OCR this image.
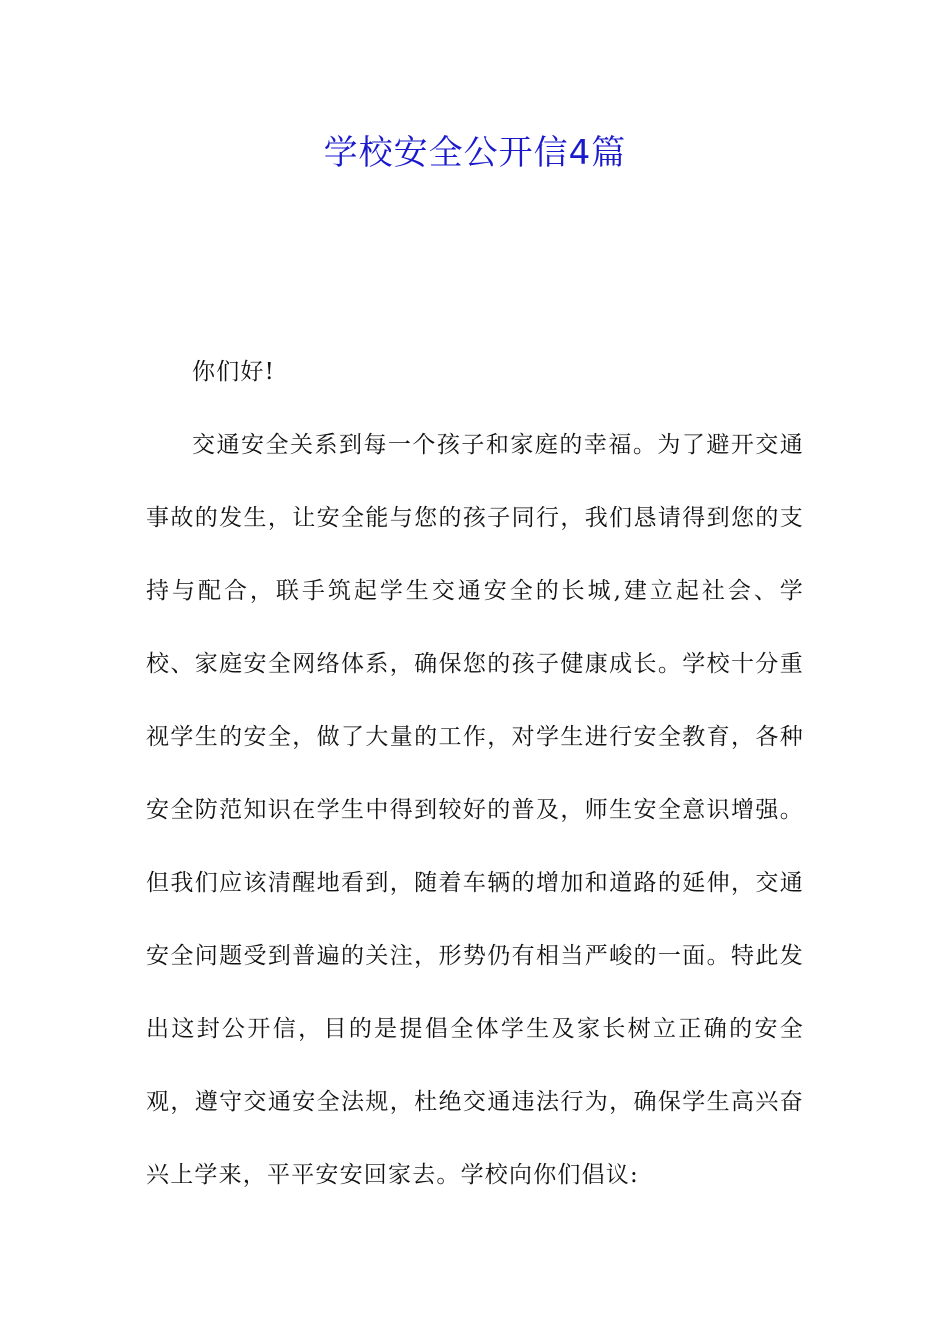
学校安全公开信4篇

你们好!

交通安全关系到每一个孩子和家庭的幸福。为了避开交通事故的发生，让安全能与您的孩子同行，我们恳请得到您的支持与配合，联手筑起学生交通安全的长城,建立起社会、学校、家庭安全网络体系，确保您的孩子健康成长。学校十分重视学生的安全，做了大量的工作，对学生进行安全教育，各种安全防范知识在学生中得到较好的普及，师生安全意识增强。但我们应该清醒地看到，随着车辆的增加和道路的延伸，交通安全问题受到普遍的关注，形势仍有相当严峻的一面。特此发出这封公开信，目的是提倡全体学生及家长树立正确的安全观，遵守交通安全法规，杜绝交通违法行为，确保学生高兴奋兴上学来，平平安安回家去。学校向你们倡议:
